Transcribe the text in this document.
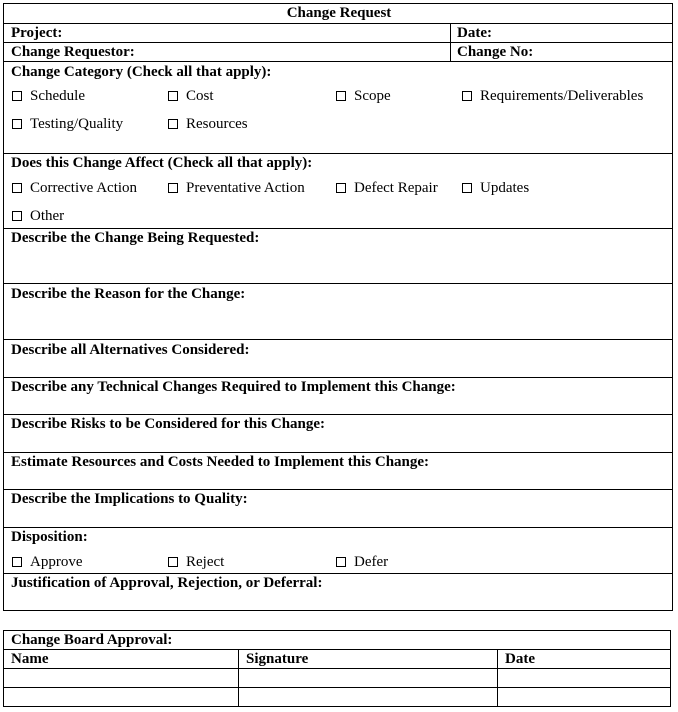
Change Request
Project:	Date:
Change Requestor:	Change No:
Change Category (Check all that apply):
Schedule	Cost	Scope	Requirements/Deliverables
Testing/Quality	Resources
Does this Change Affect (Check all that apply):
Corrective Action	Preventative Action	Defect Repair	Updates
Other
Describe the Change Being Requested:
Describe the Reason for the Change:
Describe all Alternatives Considered:
Describe any Technical Changes Required to Implement this Change:
Describe Risks to be Considered for this Change:
Estimate Resources and Costs Needed to Implement this Change:
Describe the Implications to Quality:
Disposition:
Approve	Reject	Defer
Justification of Approval, Rejection, or Deferral:
Change Board Approval:
Name	Signature	Date
